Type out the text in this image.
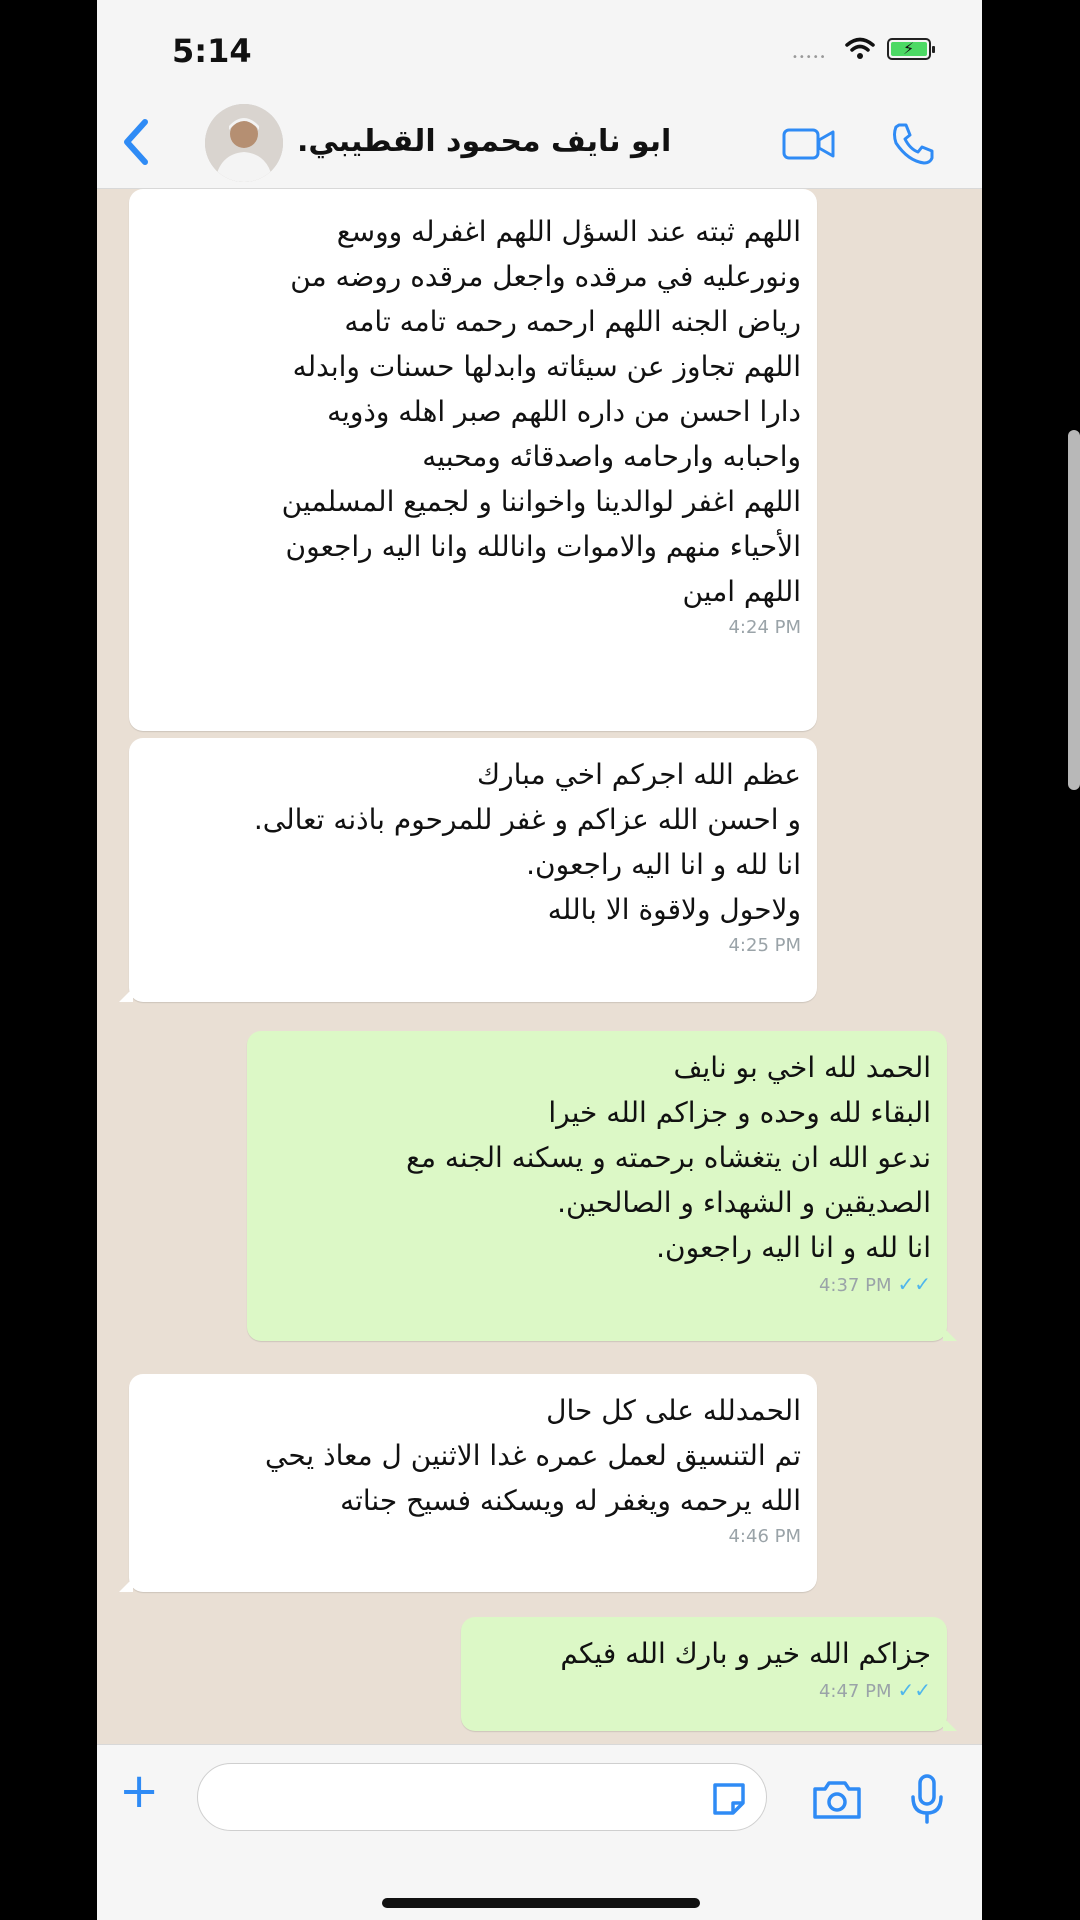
5:14	•••••	⚡
ابو نايف محمود القطيبي.
اللهم ثبته عند السؤل اللهم اغفرله ووسع
ونورعليه في مرقده واجعل مرقده روضه من
رياض الجنه اللهم ارحمه رحمه تامه تامه
اللهم تجاوز عن سيئاته وابدلها حسنات وابدله
دارا احسن من داره اللهم صبر اهله وذويه
واحبابه وارحامه واصدقائه ومحبيه
اللهم اغفر لوالدينا واخواننا و لجميع المسلمين
الأحياء منهم والاموات وانالله وانا اليه راجعون
اللهم امين
4:24 PM
عظم الله اجركم اخي مبارك
و احسن الله عزاكم و غفر للمرحوم باذنه تعالى.
انا لله و انا اليه راجعون.
ولاحول ولاقوة الا بالله
4:25 PM
الحمد لله اخي بو نايف
البقاء لله وحده و جزاكم الله خيرا
ندعو الله ان يتغشاه برحمته و يسكنه الجنه مع
الصديقين و الشهداء و الصالحين.
انا لله و انا اليه راجعون.
4:37 PM ✓✓
الحمدلله على كل حال
تم التنسيق لعمل عمره غدا الاثنين ل معاذ يحي
الله يرحمه ويغفر له ويسكنه فسيح جناته
4:46 PM
جزاكم الله خير و بارك الله فيكم
4:47 PM ✓✓
+
